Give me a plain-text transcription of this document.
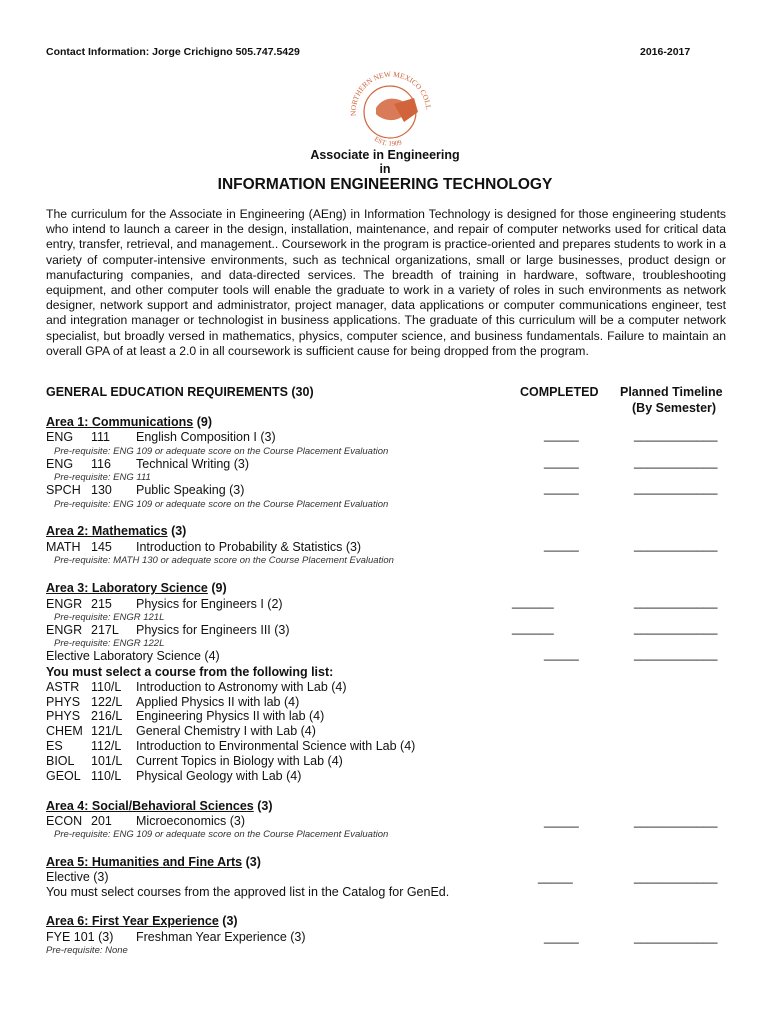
Contact Information: Jorge Crichigno 505.747.5429	2016-2017
NORTHERN NEW MEXICO COLL
EST. 1909
Associate in Engineering
in
INFORMATION ENGINEERING TECHNOLOGY
The curriculum for the Associate in Engineering (AEng) in Information Technology is designed for those engineering students who intend to launch a career in the design, installation, maintenance, and repair of computer networks used for critical data entry, transfer, retrieval, and management.. Coursework in the program is practice-oriented and prepares students to work in a variety of computer-intensive environments, such as technical organizations, small or large businesses, product design or manufacturing companies, and data-directed services. The breadth of training in hardware, software, troubleshooting equipment, and other computer tools will enable the graduate to work in a variety of roles in such environments as network designer, network support and administrator, project manager, data applications or computer communications engineer, test and integration manager or technologist in business applications. The graduate of this curriculum will be a computer network specialist, but broadly versed in mathematics, physics, computer science, and business fundamentals. Failure to maintain an overall GPA of at least a 2.0 in all coursework is sufficient cause for being dropped from the program.
GENERAL EDUCATION REQUIREMENTS (30)	COMPLETED Planned Timeline
(By Semester)
Area 1: Communications (9)
ENG 111 English Composition I (3)	_____	____________
Pre-requisite: ENG 109 or adequate score on the Course Placement Evaluation
ENG 116 Technical Writing (3)	_____	____________
Pre-requisite: ENG 111
SPCH 130 Public Speaking (3)	_____	____________
Pre-requisite: ENG 109 or adequate score on the Course Placement Evaluation
Area 2: Mathematics (3)
MATH 145 Introduction to Probability & Statistics (3)	_____	____________
Pre-requisite: MATH 130 or adequate score on the Course Placement Evaluation
Area 3: Laboratory Science (9)
ENGR 215 Physics for Engineers I (2)	______	____________
Pre-requisite: ENGR 121L
ENGR 217L Physics for Engineers III (3)	______	____________
Pre-requisite: ENGR 122L
Elective Laboratory Science (4)	_____	____________
You must select a course from the following list:
ASTR 110/L Introduction to Astronomy with Lab (4)
PHYS 122/L Applied Physics II with lab (4)
PHYS 216/L Engineering Physics II with lab (4)
CHEM 121/L General Chemistry I with Lab (4)
ES 112/L Introduction to Environmental Science with Lab (4)
BIOL 101/L Current Topics in Biology with Lab (4)
GEOL 110/L Physical Geology with Lab (4)
Area 4: Social/Behavioral Sciences (3)
ECON 201 Microeconomics (3)	_____	____________
Pre-requisite: ENG 109 or adequate score on the Course Placement Evaluation
Area 5: Humanities and Fine Arts (3)
Elective (3)	_____	____________
You must select courses from the approved list in the Catalog for GenEd.
Area 6: First Year Experience (3)
FYE 101 (3) Freshman Year Experience (3)	_____	____________
Pre-requisite: None
